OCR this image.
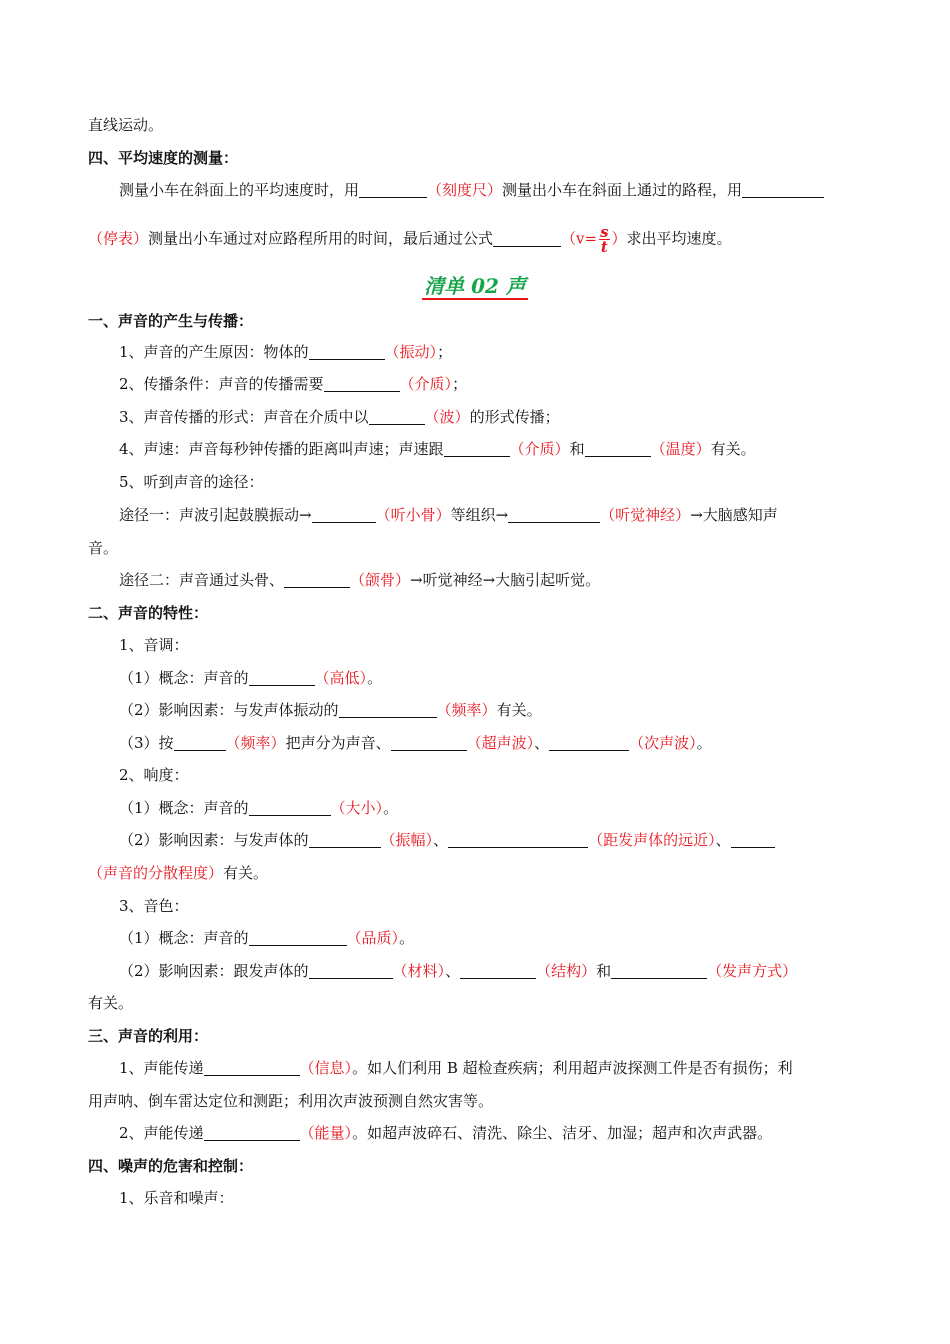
直线运动。
四、平均速度的测量：
测量小车在斜面上的平均速度时，用	（刻度尺）测量出小车在斜面上通过的路程，用
（停表）测量出小车通过对应路程所用的时间，最后通过公式	（$v= \frac{s}{t}$ ）求出平均速度。
清单 02 声
一、声音的产生与传播：
1、声音的产生原因：物体的	（振动）；
2、传播条件：声音的传播需要	（介质）；
3、声音传播的形式：声音在介质中以	（波）的形式传播；
4、声速：声音每秒钟传播的距离叫声速；声速跟	（介质）和	（温度）有关。
5、听到声音的途径：
途径一：声波引起鼓膜振动→	（听小骨）等组织→	（听觉神经）→大脑感知声
音。
途径二：声音通过头骨、	（颌骨）→听觉神经→大脑引起听觉。
二、声音的特性：
1、音调：
（1）概念：声音的	（高低）。
（2）影响因素：与发声体振动的	（频率）有关。
（3）按	（频率）把声分为声音、	（超声波）、	（次声波）。
2、响度：
（1）概念：声音的	（大小）。
（2）影响因素：与发声体的	（振幅）、	（距发声体的远近）、
（声音的分散程度）有关。
3、音色：
（1）概念：声音的	（品质）。
（2）影响因素：跟发声体的	（材料）、	（结构）和	（发声方式）
有关。
三、声音的利用：
1、声能传递	（信息）。如人们利用 B 超检查疾病；利用超声波探测工件是否有损伤；利
用声呐、倒车雷达定位和测距；利用次声波预测自然灾害等。
2、声能传递	（能量）。如超声波碎石、清洗、除尘、洁牙、加湿；超声和次声武器。
四、噪声的危害和控制：
1、乐音和噪声：
